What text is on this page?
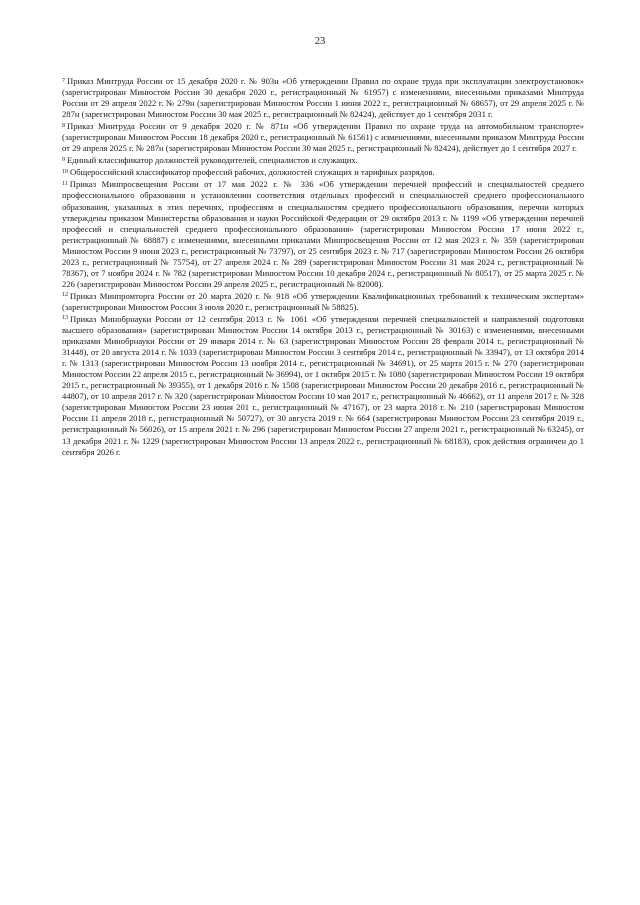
23

$^7$ Приказ Минтруда России от 15 декабря 2020 г. № 903н «Об утверждении Правил по охране труда при эксплуатации электроустановок» (зарегистрирован Минюстом России 30 декабря 2020 г., регистрационный № 61957) с изменениями, внесенными приказами Минтруда России от 29 апреля 2022 г. № 279н (зарегистрирован Минюстом России 1 июня 2022 г., регистрационный № 68657), от 29 апреля 2025 г. № 287н (зарегистрирован Минюстом России 30 мая 2025 г., регистрационный № 82424), действует до 1 сентября 2031 г.

$^8$ Приказ Минтруда России от 9 декабря 2020 г. № 871н «Об утверждении Правил по охране труда на автомобильном транспорте» (зарегистрирован Минюстом России 18 декабря 2020 г., регистрационный № 61561) с изменениями, внесенными приказом Минтруда России от 29 апреля 2025 г. № 287н (зарегистрирован Минюстом России 30 мая 2025 г., регистрационный № 82424), действует до 1 сентября 2027 г.

$^9$ Единый классификатор должностей руководителей, специалистов и служащих.

$^{10}$ Общероссийский классификатор профессий рабочих, должностей служащих и тарифных разрядов.

$^{11}$ Приказ Минпросвещения России от 17 мая 2022 г. № 336 «Об утверждении перечней профессий и специальностей среднего профессионального образования и установлении соответствия отдельных профессий и специальностей среднего профессионального образования, указанных в этих перечнях, профессиям и специальностям среднего профессионального образования, перечни которых утверждены приказом Министерства образования и науки Российской Федерации от 29 октября 2013 г. № 1199 «Об утверждении перечней профессий и специальностей среднего профессионального образования» (зарегистрирован Минюстом России 17 июня 2022 г., регистрационный № 68887) с изменениями, внесенными приказами Минпросвещения России от 12 мая 2023 г. № 359 (зарегистрирован Минюстом России 9 июня 2023 г., регистрационный № 73797), от 25 сентября 2023 г. № 717 (зарегистрирован Минюстом России 26 октября 2023 г., регистрационный № 75754), от 27 апреля 2024 г. № 289 (зарегистрирован Минюстом России 31 мая 2024 г., регистрационный № 78367), от 7 ноября 2024 г. № 782 (зарегистрирован Минюстом России 10 декабря 2024 г., регистрационный № 80517), от 25 марта 2025 г. № 226 (зарегистрирован Минюстом России 29 апреля 2025 г., регистрационный № 82008).

$^{12}$ Приказ Минпромторга России от 20 марта 2020 г. № 918 «Об утверждении Квалификационных требований к техническим экспертам» (зарегистрирован Минюстом России 3 июля 2020 г., регистрационный № 58825).

$^{13}$ Приказ Минобрнауки России от 12 сентября 2013 г. № 1061 «Об утверждении перечней специальностей и направлений подготовки высшего образования» (зарегистрирован Минюстом России 14 октября 2013 г., регистрационный № 30163) с изменениями, внесенными приказами Минобрнауки России от 29 января 2014 г. № 63 (зарегистрирован Минюстом России 28 февраля 2014 г., регистрационный № 31448), от 20 августа 2014 г. № 1033 (зарегистрирован Минюстом России 3 сентября 2014 г., регистрационный № 33947), от 13 октября 2014 г. № 1313 (зарегистрирован Минюстом России 13 ноября 2014 г., регистрационный № 34691), от 25 марта 2015 г. № 270 (зарегистрирован Минюстом России 22 апреля 2015 г., регистрационный № 36994), от 1 октября 2015 г. № 1080 (зарегистрирован Минюстом России 19 октября 2015 г., регистрационный № 39355), от 1 декабря 2016 г. № 1508 (зарегистрирован Минюстом России 20 декабря 2016 г., регистрационный № 44807), от 10 апреля 2017 г. № 320 (зарегистрирован Минюстом России 10 мая 2017 г., регистрационный № 46662), от 11 апреля 2017 г. № 328 (зарегистрирован Минюстом России 23 июня 201 г., регистрационный № 47167), от 23 марта 2018 г. № 210 (зарегистрирован Минюстом России 11 апреля 2018 г., регистрационный № 50727), от 30 августа 2019 г. № 664 (зарегистрирован Минюстом России 23 сентября 2019 г., регистрационный № 56026), от 15 апреля 2021 г. № 296 (зарегистрирован Минюстом России 27 апреля 2021 г., регистрационный № 63245), от 13 декабря 2021 г. № 1229 (зарегистрирован Минюстом России 13 апреля 2022 г., регистрационный № 68183), срок действия ограничен до 1 сентября 2026 г.
